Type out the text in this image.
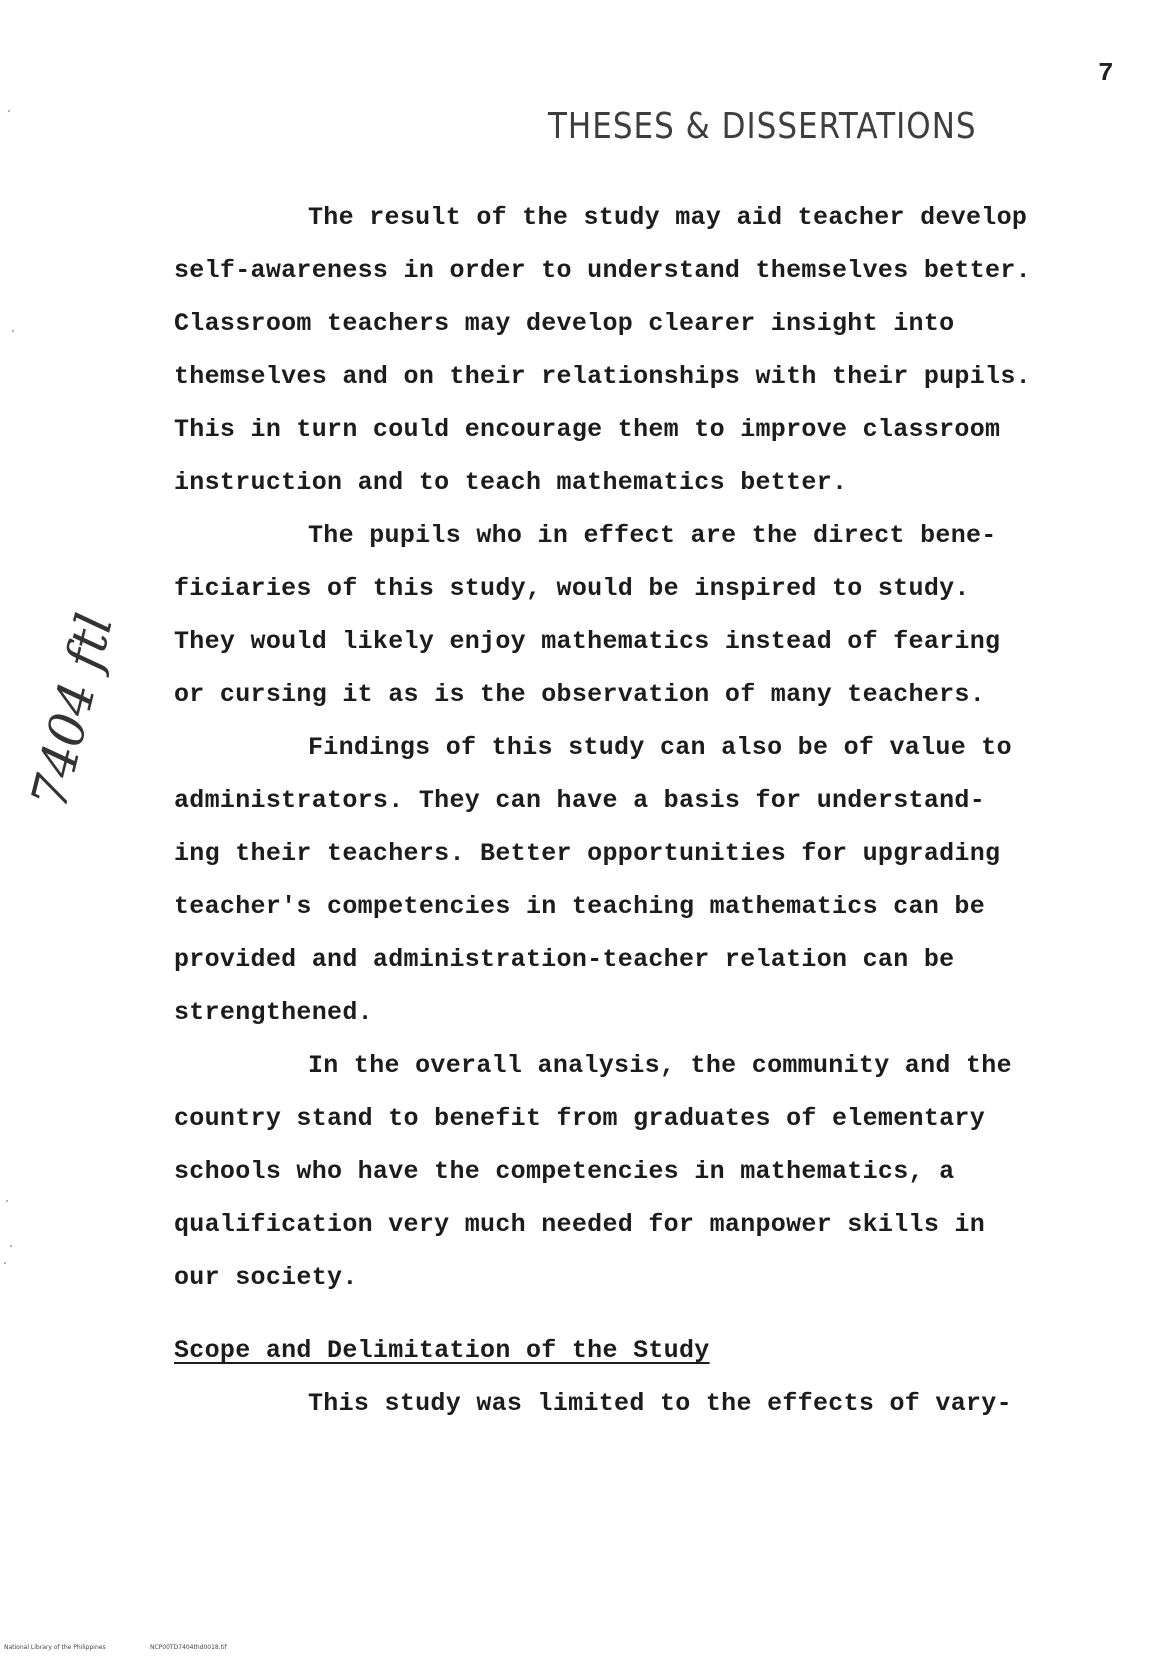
7
THESES & DISSERTATIONS
7404 ftl
The result of the study may aid teacher develop
self-awareness in order to understand themselves better.
Classroom teachers may develop clearer insight into
themselves and on their relationships with their pupils.
This in turn could encourage them to improve classroom
instruction and to teach mathematics better.
The pupils who in effect are the direct bene-
ficiaries of this study, would be inspired to study.
They would likely enjoy mathematics instead of fearing
or cursing it as is the observation of many teachers.
Findings of this study can also be of value to
administrators. They can have a basis for understand-
ing their teachers. Better opportunities for upgrading
teacher's competencies in teaching mathematics can be
provided and administration-teacher relation can be
strengthened.
In the overall analysis, the community and the
country stand to benefit from graduates of elementary
schools who have the competencies in mathematics, a
qualification very much needed for manpower skills in
our society.
Scope and Delimitation of the Study
This study was limited to the effects of vary-
National Library of the Philippines	NCP00TD7404thd0018.tif
